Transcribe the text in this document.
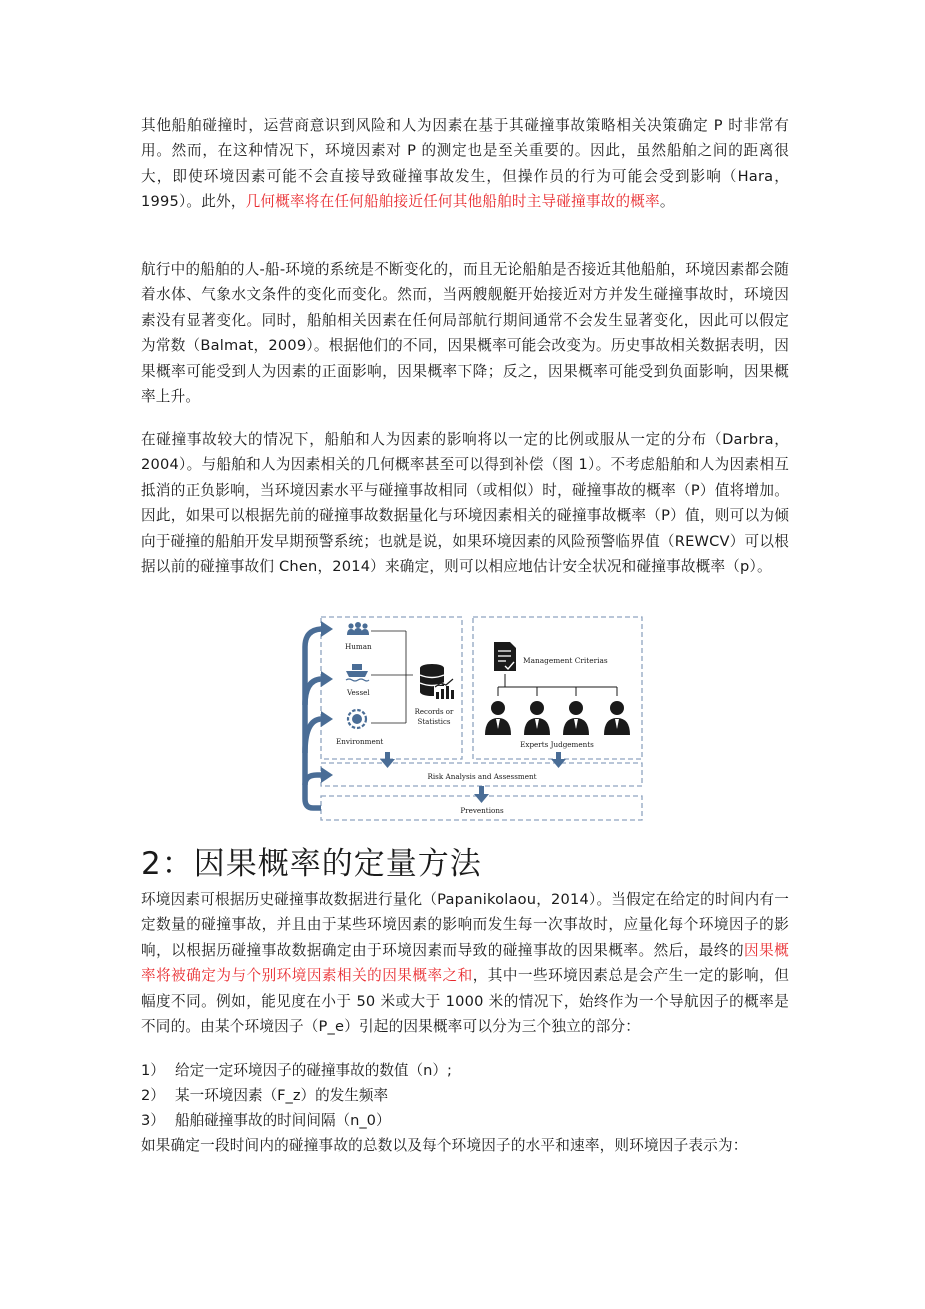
其他船舶碰撞时，运营商意识到风险和人为因素在基于其碰撞事故策略相关决策确定 P 时非常有用。然而，在这种情况下，环境因素对 P 的测定也是至关重要的。因此，虽然船舶之间的距离很大，即使环境因素可能不会直接导致碰撞事故发生，但操作员的行为可能会受到影响（Hara，1995）。此外，几何概率将在任何船舶接近任何其他船舶时主导碰撞事故的概率。

航行中的船舶的人-船-环境的系统是不断变化的，而且无论船舶是否接近其他船舶，环境因素都会随着水体、气象水文条件的变化而变化。然而，当两艘舰艇开始接近对方并发生碰撞事故时，环境因素没有显著变化。同时，船舶相关因素在任何局部航行期间通常不会发生显著变化，因此可以假定为常数（Balmat，2009）。根据他们的不同，因果概率可能会改变为。历史事故相关数据表明，因果概率可能受到人为因素的正面影响，因果概率下降；反之，因果概率可能受到负面影响，因果概率上升。

在碰撞事故较大的情况下，船舶和人为因素的影响将以一定的比例或服从一定的分布（Darbra，2004）。与船舶和人为因素相关的几何概率甚至可以得到补偿（图 1）。不考虑船舶和人为因素相互抵消的正负影响，当环境因素水平与碰撞事故相同（或相似）时，碰撞事故的概率（P）值将增加。因此，如果可以根据先前的碰撞事故数据量化与环境因素相关的碰撞事故概率（P）值，则可以为倾向于碰撞的船舶开发早期预警系统；也就是说，如果环境因素的风险预警临界值（REWCV）可以根据以前的碰撞事故们 Chen，2014）来确定，则可以相应地估计安全状况和碰撞事故概率（p）。

Human
Vessel
Environment
Records or
Statistics
Management Criterias
Experts Judgements
Risk Analysis and Assessment
Preventions
2：因果概率的定量方法

环境因素可根据历史碰撞事故数据进行量化（Papanikolaou，2014）。当假定在给定的时间内有一定数量的碰撞事故，并且由于某些环境因素的影响而发生每一次事故时，应量化每个环境因子的影响，以根据历碰撞事故数据确定由于环境因素而导致的碰撞事故的因果概率。然后，最终的因果概率将被确定为与个别环境因素相关的因果概率之和，其中一些环境因素总是会产生一定的影响，但幅度不同。例如，能见度在小于 50 米或大于 1000 米的情况下，始终作为一个导航因子的概率是不同的。由某个环境因子（P_e）引起的因果概率可以分为三个独立的部分：

1） 给定一定环境因子的碰撞事故的数值（n）;

2） 某一环境因素（F_z）的发生频率

3） 船舶碰撞事故的时间间隔（n_0）

如果确定一段时间内的碰撞事故的总数以及每个环境因子的水平和速率，则环境因子表示为：
